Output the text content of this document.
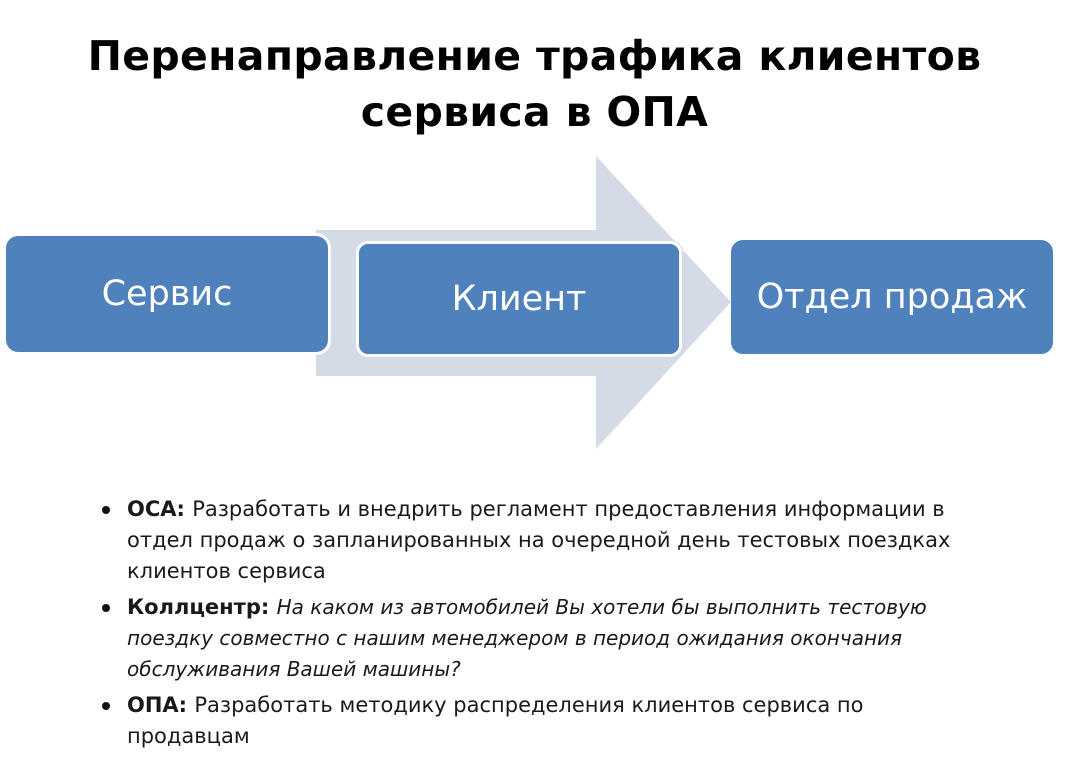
Перенаправление трафика клиентов
сервиса в ОПА
Сервис	Клиент	Отдел продаж
ОСА: Разработать и внедрить регламент предоставления информации в отдел продаж о запланированных на очередной день тестовых поездках клиентов сервиса
Коллцентр: На каком из автомобилей Вы хотели бы выполнить тестовую поездку совместно с нашим менеджером в период ожидания окончания обслуживания Вашей машины?
ОПА: Разработать методику распределения клиентов сервиса по продавцам
